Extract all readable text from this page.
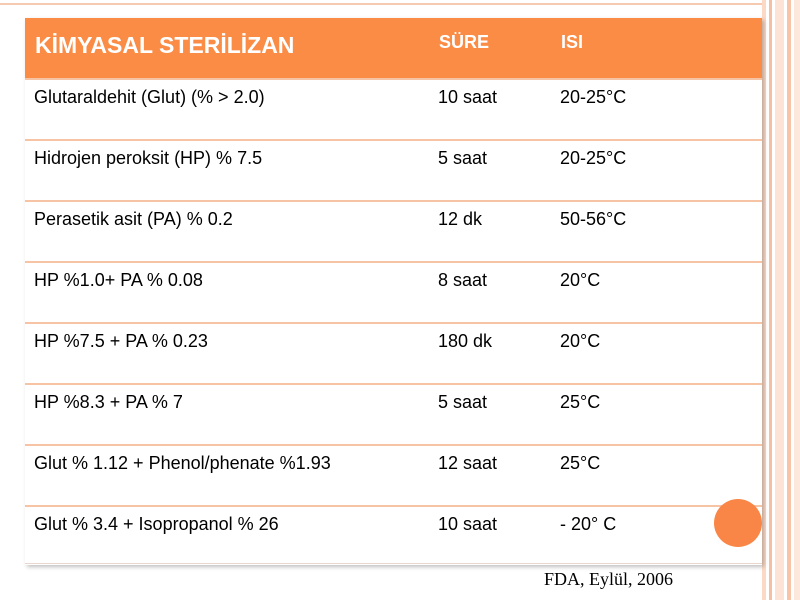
KİMYASAL STERİLİZAN	SÜRE	ISI

Glutaraldehit (Glut) (% > 2.0)	10 saat	20-25°C

Hidrojen peroksit (HP) % 7.5	5 saat	20-25°C

Perasetik asit (PA) % 0.2	12 dk	50-56°C

HP %1.0+ PA % 0.08	8 saat	20°C

HP %7.5 + PA % 0.23	180 dk	20°C

HP %8.3 + PA % 7	5 saat	25°C

Glut % 1.12 + Phenol/phenate %1.93	12 saat	25°C

Glut % 3.4 + Isopropanol % 26	10 saat	- 20° C
FDA, Eylül, 2006
